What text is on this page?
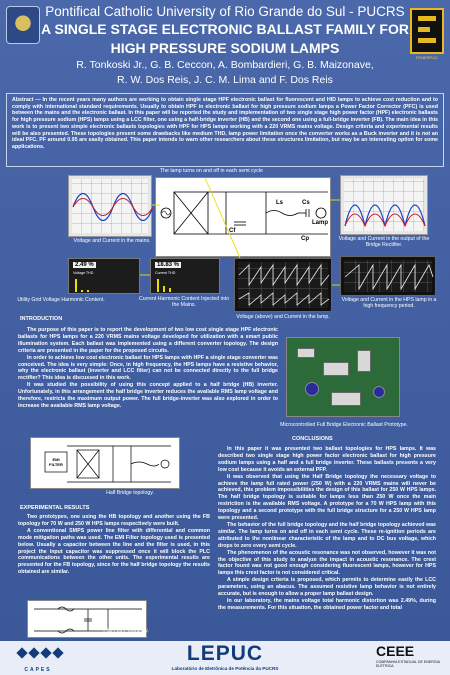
FENERPUC
Pontifical Catholic University of Rio Grande do Sul - PUCRS
A SINGLE STAGE ELECTRONIC BALLAST FAMILY FOR
HIGH PRESSURE SODIUM LAMPS
R. Tonkoski Jr., G. B. Ceccon, A. Bombardieri, G. B. Maizonave,
R. W. Dos Reis, J. C. M. Lima and F. Dos Reis
Abstract — In the recent years many authors are working to obtain single stage HPF electronic ballast for fluorescent and HID lamps to achieve cost reduction and to comply with international standard requirements. Usually to obtain HPF in electronic ballast for high pressure sodium lamps a Power Factor Corrector (PFC) is used between the mains and the electronic ballast. In this paper will be reported the study and implementation of two single stage high power factor (HPF) electronic ballasts for high pressure sodium (HPS) lamps using a LCC filter, one using a half-bridge inverter (HB) and the second one using a full-bridge inverter (FB). The main idea in this work is to present two simple electronic ballasts topologies with HPF for HPS lamps working with a 220 VRMS mains voltage. Design criteria and experimental results will be also presented. These topologies present some drawbacks like medium THD, lamp power limitation once the converter works as a Buck inverter and it is not an ideal PFC. PF around 0.95 are easily obtained. This paper intends to warn other researchers about these structures limitation, but may be an interesting option for some applications.
Voltage and Current in the mains.
The lamp turns on and off in each semi cycle
Ls	Cs
Lamp
Cf
Cp	Voltage and Current in the output of the Bridge Rectifier.
2.49 %
Voltage THD
18.83 %
Current THD
Utility Grid Voltage Harmonic Content.	Current Harmonic Content Injected into the Mains.
Voltage (above) and Current in the lamp.
Voltage and Current in the HPS lamp in a high frequency period.
INTRODUCTION

The purpose of this paper is to report the development of two low cost single stage HPF electronic ballasts for HPS lamps for a 220 VRMS mains voltage developed for utilization with a smart public illumination system. Each ballast was implemented using a different converter topology. The design criteria are presented in the paper for the proposed circuits.

In order to achieve low cost electronic ballast for HPS lamps with HPF a single stage converter was conceived. The idea is very simple: Once, in high frequency, the HPS lamps have a resistive behavior, why the electronic ballast (inverter and LCC filter) can not be connected directly to the full bridge rectifier? This idea is discussed in this work.

It was studied the possibility of using this concept applied to a half bridge (HB) inverter. Unfortunately, in this arrangement the half bridge inverter reduces the available RMS lamp voltage and therefore, restricts the maximum output power. The full bridge-inverter was also explored in order to increase the available RMS lamp voltage.

Microcontrolled Full Bridge Electronic Ballast Prototype.
EMI FILTER
Half Bridge topology.
EXPERIMENTAL RESULTS

Two prototypes, one using the HB topology and another using the FB topology for 70 W and 250 W HPS lamps respectively were built.

A conventional SMPS power line filter with differential and common mode mitigation paths was used. The EMI Filter topology used is presented below. Usually a capacitor between the line and the filter is used, in this project the input capacitor was suppressed once it will block the PLC communications between the other units. The experimental results are presented for the FB topology, since for the half bridge topology the results obtained are similar.

EMI Filter Topology.
CONCLUSIONS

In this paper it was presented two ballast topologies for HPS lamps. It was described two single stage high power factor electronic ballast for high pressure sodium lamps using a half and a full bridge inverter. These ballasts presents a very low cost because it avoids an external PFP.

It was observed that using the Half Bridge topology the necessary voltage to achieve the lamp full rated power (250 W) with a 220 VRMS mains will never be achieved, this problem impossibilities the design of this ballast for 250 W HPS lamps. The half bridge topology is suitable for lamps less than 250 W once the main restriction is the available RMS voltage. A prototype for a 70 W HPS lamp with this topology and a second prototype with the full bridge structure for a 250 W HPS lamp were presented.

The behavior of the full bridge topology and the half bridge topology achieved was similar. The lamp turns on and off in each semi cycle. These re-ignition periods are attributed to the nonlinear characteristic of the lamp and to DC bus voltage, which drops to zero every semi cycle.

The phenomenon of the acoustic resonance was not observed, however it was not the objective of this study to analyze the impact in acoustic resonance. The crest factor found was not good enough considering fluorescent lamps, however for HPS lamps this crest factor is not considered critical.

A simple design criteria is proposed, which permits to determine easily the LCC parameters, using an abacus. The assumed resistive lamp behavior is not entirely accurate, but is enough to allow a proper lamp ballast design.

In our laboratory, the mains voltage total harmonic distortion was 2.49%, during the measurements. For this situation, the obtained power factor and total

CAPES
LEPUC
Laboratório de Eletrônica de Potência da PUCRS
CEEE
COMPANHIA ESTADUAL DE ENERGIA ELÉTRICA
